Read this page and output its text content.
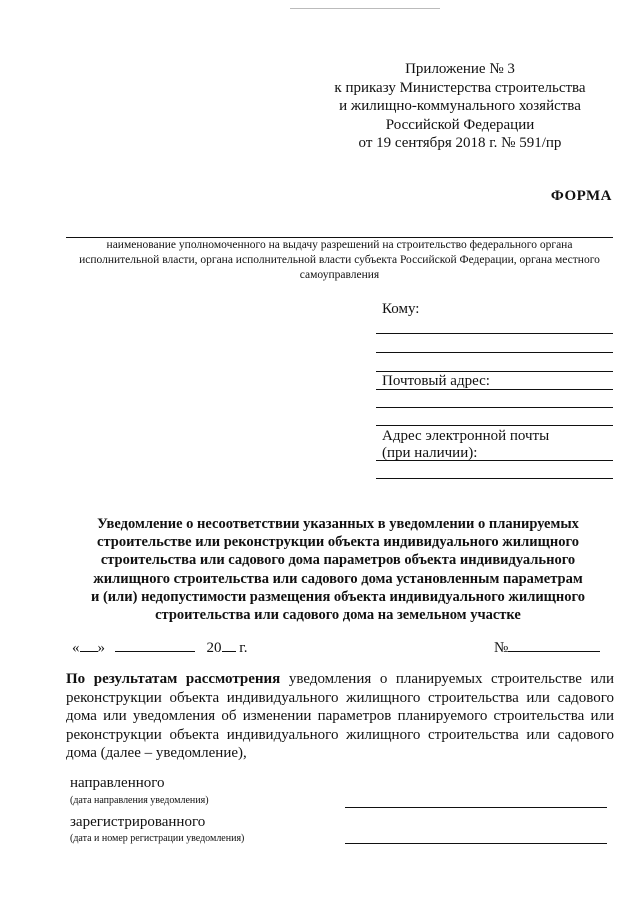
Приложение № 3
к приказу Министерства строительства
и жилищно-коммунального хозяйства
Российской Федерации
от 19 сентября 2018 г. № 591/пр
ФОРМА
наименование уполномоченного на выдачу разрешений на строительство федерального органа исполнительной власти, органа исполнительной власти субъекта Российской Федерации, органа местного самоуправления
Кому:
Почтовый адрес:
Адрес электронной почты
(при наличии):
Уведомление о несоответствии указанных в уведомлении о планируемых
строительстве или реконструкции объекта индивидуального жилищного
строительства или садового дома параметров объекта индивидуального
жилищного строительства или садового дома установленным параметрам
и (или) недопустимости размещения объекта индивидуального жилищного
строительства или садового дома на земельном участке
« »	20 г.	№
По результатам рассмотрения уведомления о планируемых строительстве или
реконструкции объекта индивидуального жилищного строительства или садового
дома или уведомления об изменении параметров планируемого строительства или
реконструкции объекта индивидуального жилищного строительства или садового
дома (далее – уведомление),
направленного
(дата направления уведомления)
зарегистрированного
(дата и номер регистрации уведомления)
